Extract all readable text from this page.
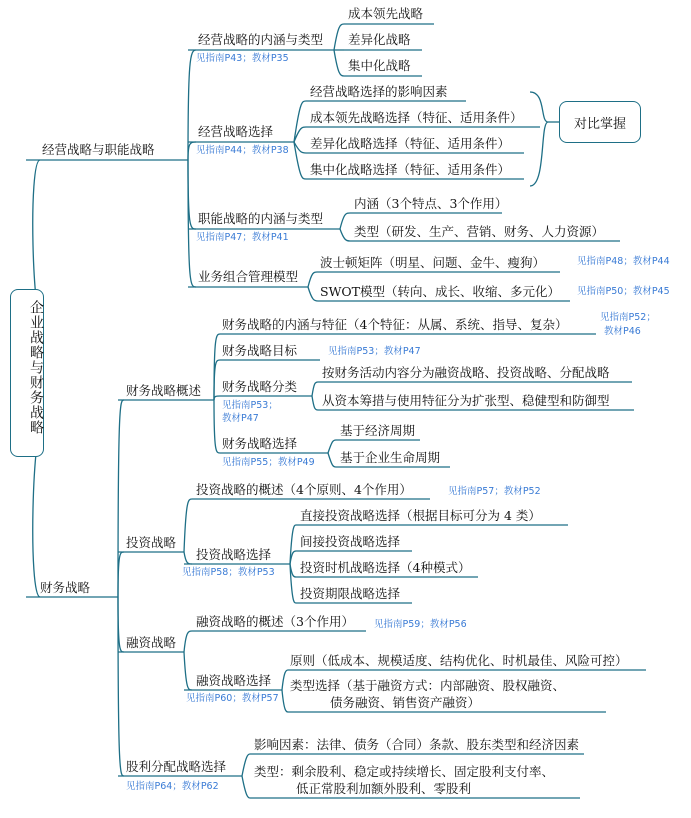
企业战略与财务战略
经营战略与职能战略
经营战略的内涵与类型
见指南P43；教材P35
成本领先战略
差异化战略
集中化战略
经营战略选择
见指南P44；教材P38
经营战略选择的影响因素
成本领先战略选择（特征、适用条件）
差异化战略选择（特征、适用条件）
集中化战略选择（特征、适用条件）
对比掌握
职能战略的内涵与类型
见指南P47；教材P41
内涵（3个特点、3个作用）
类型（研发、生产、营销、财务、人力资源）
业务组合管理模型
波士顿矩阵（明星、问题、金牛、瘦狗）	见指南P48；教材P44
SWOT模型（转向、成长、收缩、多元化） 见指南P50；教材P45
财务战略
财务战略概述
财务战略的内涵与特征（4个特征：从属、系统、指导、复杂）	见指南P52；
教材P46
财务战略目标	见指南P53；教材P47
财务战略分类
见指南P53；
教材P47
按财务活动内容分为融资战略、投资战略、分配战略
从资本筹措与使用特征分为扩张型、稳健型和防御型
财务战略选择
见指南P55；教材P49
基于经济周期
基于企业生命周期
投资战略
投资战略的概述（4个原则、4个作用）	见指南P57；教材P52
投资战略选择
见指南P58；教材P53
直接投资战略选择（根据目标可分为 4 类）
间接投资战略选择
投资时机战略选择（4种模式）
投资期限战略选择
融资战略
融资战略的概述（3个作用） 见指南P59；教材P56
融资战略选择
见指南P60；教材P57
原则（低成本、规模适度、结构优化、时机最佳、风险可控）
类型选择（基于融资方式：内部融资、股权融资、
债务融资、销售资产融资）
股利分配战略选择
见指南P64；教材P62
影响因素：法律、债务（合同）条款、股东类型和经济因素
类型：剩余股利、稳定或持续增长、固定股利支付率、
低正常股利加额外股利、零股利
